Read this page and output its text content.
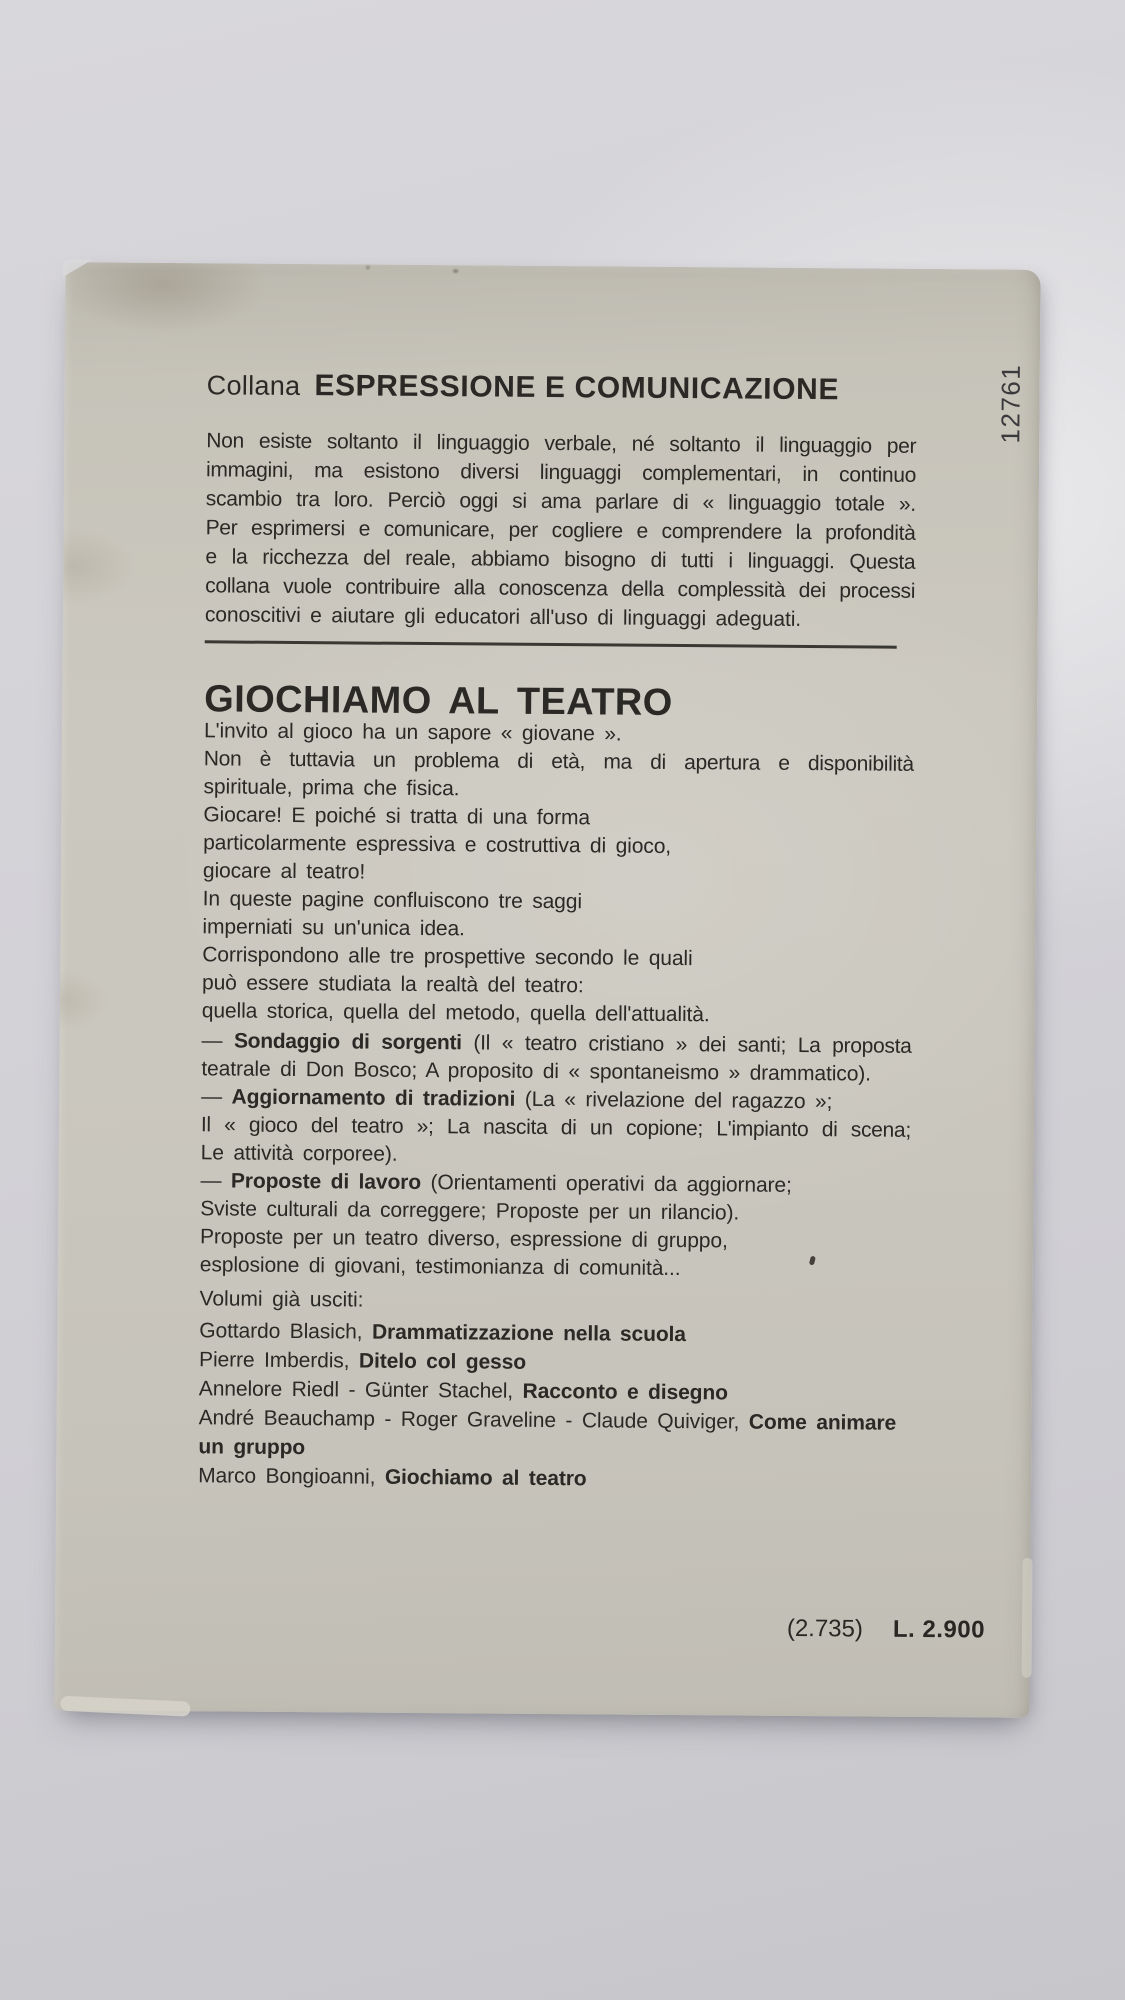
Collana ESPRESSIONE E COMUNICAZIONE
Non esiste soltanto il linguaggio verbale, né soltanto il linguaggio per
immagini, ma esistono diversi linguaggi complementari, in continuo
scambio tra loro. Perciò oggi si ama parlare di « linguaggio totale ».
Per esprimersi e comunicare, per cogliere e comprendere la profondità
e la ricchezza del reale, abbiamo bisogno di tutti i linguaggi. Questa
collana vuole contribuire alla conoscenza della complessità dei processi
conoscitivi e aiutare gli educatori all'uso di linguaggi adeguati.
GIOCHIAMO AL TEATRO
L'invito al gioco ha un sapore « giovane ».
Non è tuttavia un problema di età, ma di apertura e disponibilità
spirituale, prima che fisica.
Giocare! E poiché si tratta di una forma
particolarmente espressiva e costruttiva di gioco,
giocare al teatro!
In queste pagine confluiscono tre saggi
imperniati su un'unica idea.
Corrispondono alle tre prospettive secondo le quali
può essere studiata la realtà del teatro:
quella storica, quella del metodo, quella dell'attualità.
— Sondaggio di sorgenti (Il « teatro cristiano » dei santi; La proposta
teatrale di Don Bosco; A proposito di « spontaneismo » drammatico).
— Aggiornamento di tradizioni (La « rivelazione del ragazzo »;
Il « gioco del teatro »; La nascita di un copione; L'impianto di scena;
Le attività corporee).
— Proposte di lavoro (Orientamenti operativi da aggiornare;
Sviste culturali da correggere; Proposte per un rilancio).
Proposte per un teatro diverso, espressione di gruppo,
esplosione di giovani, testimonianza di comunità...
Volumi già usciti:
Gottardo Blasich, Drammatizzazione nella scuola
Pierre Imberdis, Ditelo col gesso
Annelore Riedl - Günter Stachel, Racconto e disegno
André Beauchamp - Roger Graveline - Claude Quiviger, Come animare
un gruppo
Marco Bongioanni, Giochiamo al teatro
(2.735) L. 2.900
12761
